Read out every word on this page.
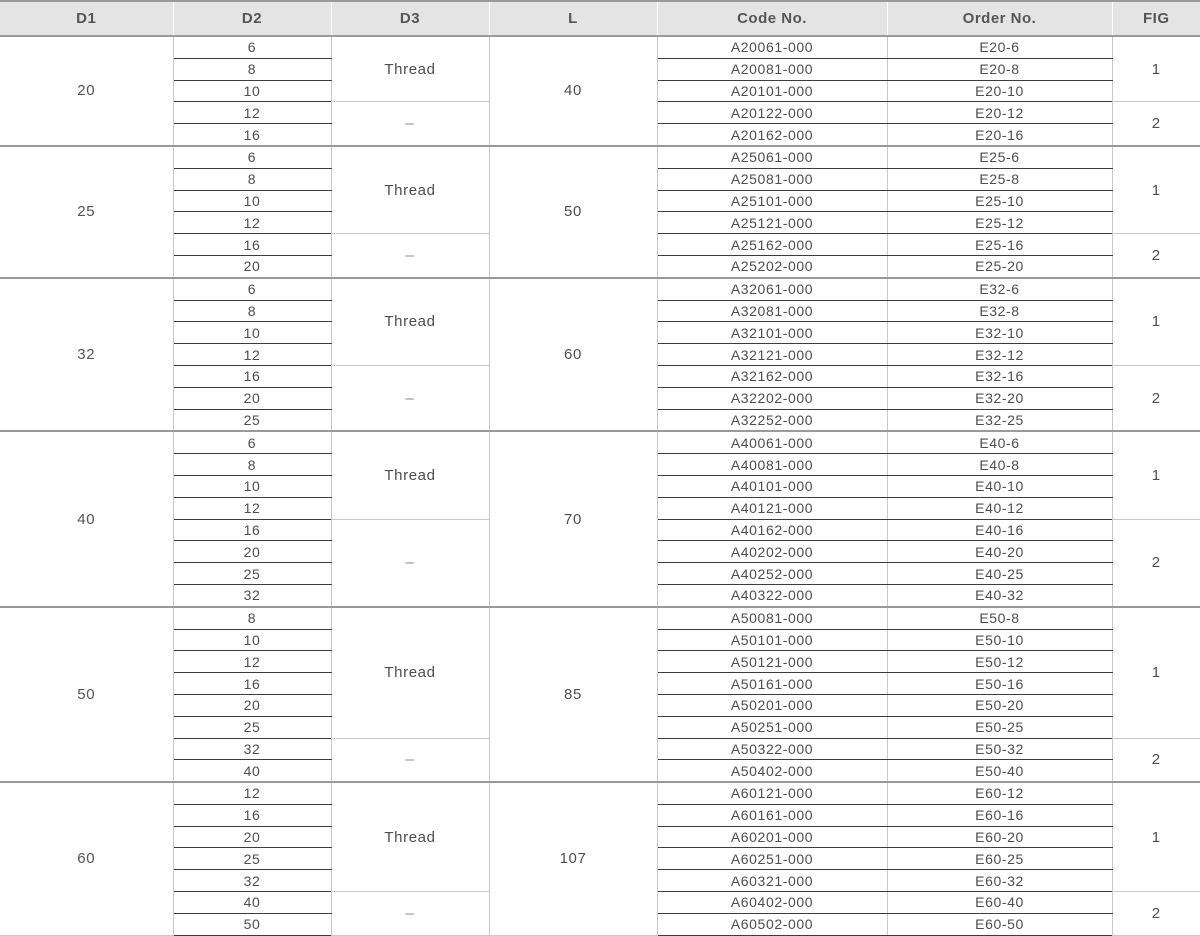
D1	D2	D3	L	Code No.	Order No.	FIG
20	6	Thread	40	A20061-000	E20-6	1
	8			A20081-000	E20-8	
	10			A20101-000	E20-10	
	12	–		A20122-000	E20-12	2
	16			A20162-000	E20-16	
25	6	Thread	50	A25061-000	E25-6	1
	8			A25081-000	E25-8	
	10			A25101-000	E25-10	
	12			A25121-000	E25-12	
	16	–		A25162-000	E25-16	2
	20			A25202-000	E25-20	
32	6	Thread	60	A32061-000	E32-6	1
	8			A32081-000	E32-8	
	10			A32101-000	E32-10	
	12			A32121-000	E32-12	
	16	–		A32162-000	E32-16	2
	20			A32202-000	E32-20	
	25			A32252-000	E32-25	
40	6	Thread	70	A40061-000	E40-6	1
	8			A40081-000	E40-8	
	10			A40101-000	E40-10	
	12			A40121-000	E40-12	
	16	–		A40162-000	E40-16	2
	20			A40202-000	E40-20	
	25			A40252-000	E40-25	
	32			A40322-000	E40-32	
50	8	Thread	85	A50081-000	E50-8	1
	10			A50101-000	E50-10	
	12			A50121-000	E50-12	
	16			A50161-000	E50-16	
	20			A50201-000	E50-20	
	25			A50251-000	E50-25	
	32	–		A50322-000	E50-32	2
	40			A50402-000	E50-40	
60	12	Thread	107	A60121-000	E60-12	1
	16			A60161-000	E60-16	
	20			A60201-000	E60-20	
	25			A60251-000	E60-25	
	32			A60321-000	E60-32	
	40	–		A60402-000	E60-40	2
	50			A60502-000	E60-50	
